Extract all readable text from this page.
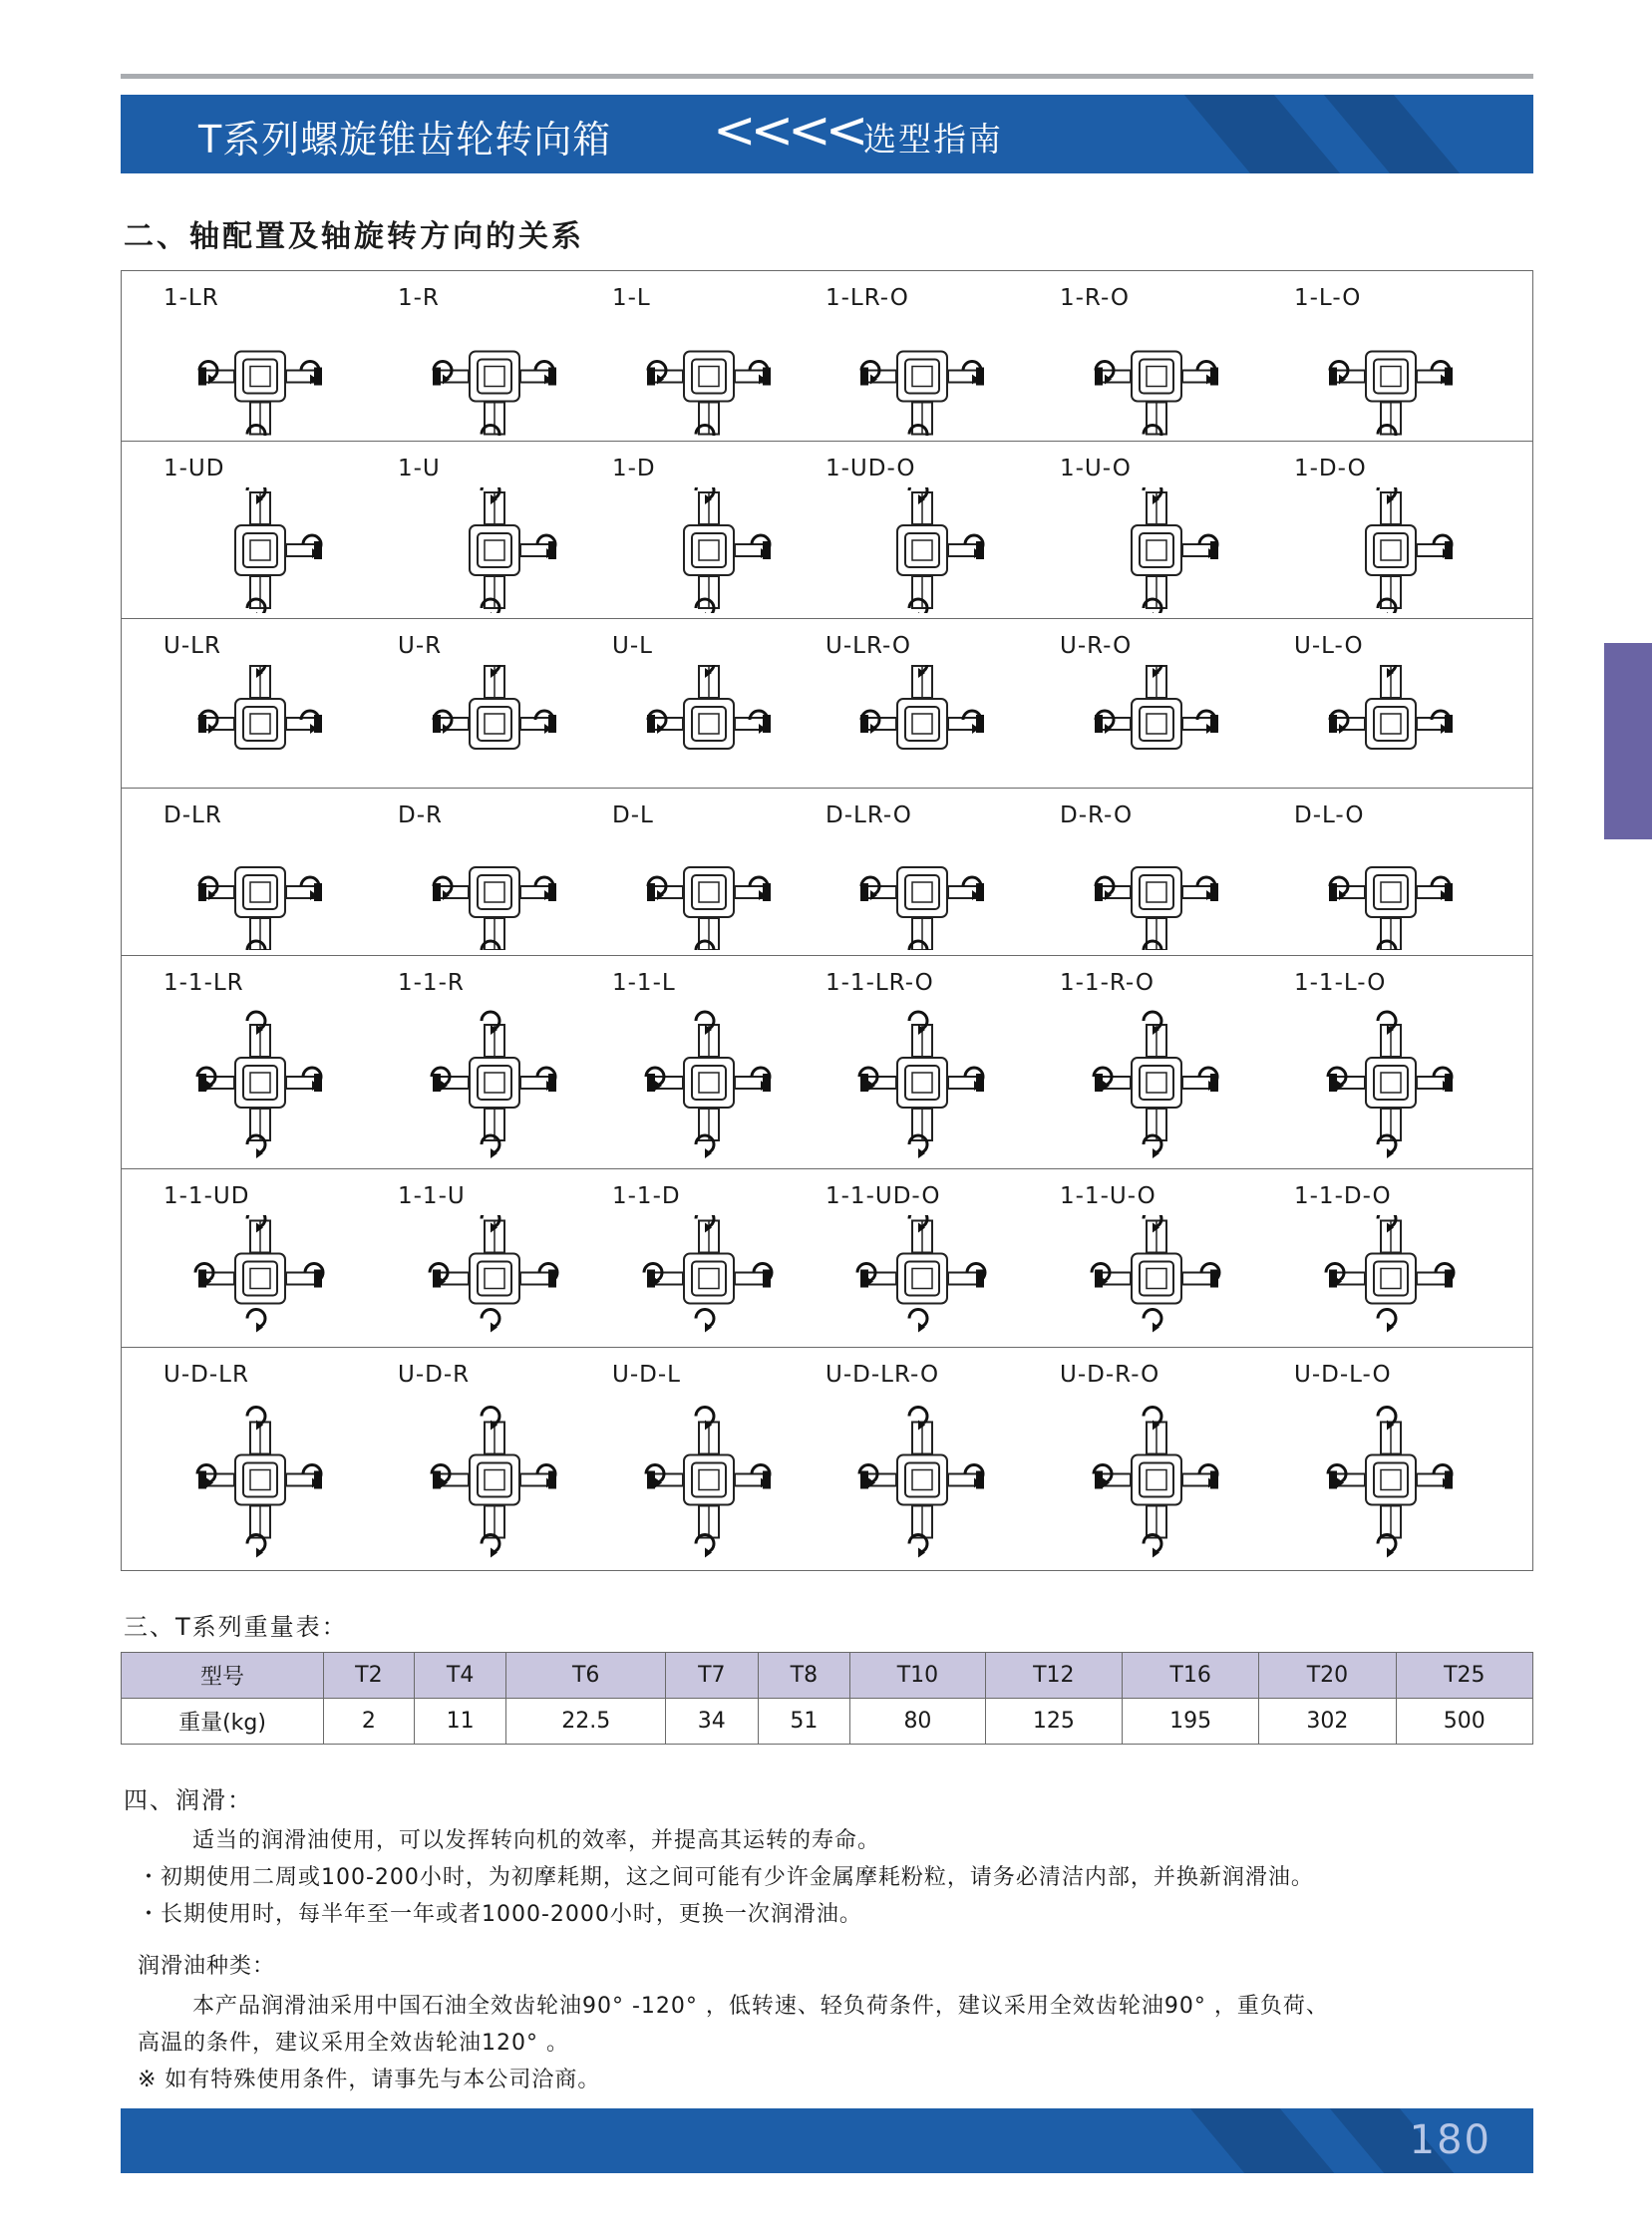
T系列螺旋锥齿轮转向箱 <<<< 选型指南
二、轴配置及轴旋转方向的关系
1-LR	1-R	1-L	1-LR-O	1-R-O	1-L-O
1-UD	1-U	1-D	1-UD-O	1-U-O	1-D-O
U-LR	U-R	U-L	U-LR-O	U-R-O	U-L-O
D-LR	D-R	D-L	D-LR-O	D-R-O	D-L-O
1-1-LR	1-1-R	1-1-L	1-1-LR-O	1-1-R-O	1-1-L-O
1-1-UD	1-1-U	1-1-D	1-1-UD-O	1-1-U-O	1-1-D-O
U-D-LR	U-D-R	U-D-L	U-D-LR-O	U-D-R-O	U-D-L-O
三、T系列重量表：
型号	T2	T4	T6	T7	T8	T10	T12	T16	T20	T25
重量(kg)	2	11	22.5	34	51	80	125	195	302	500
四、润滑：
适当的润滑油使用，可以发挥转向机的效率，并提高其运转的寿命。
・初期使用二周或100-200小时，为初摩耗期，这之间可能有少许金属摩耗粉粒，请务必清洁内部，并换新润滑油。
・长期使用时，每半年至一年或者1000-2000小时，更换一次润滑油。
润滑油种类：
本产品润滑油采用中国石油全效齿轮油90° -120° ，低转速、轻负荷条件，建议采用全效齿轮油90° ，重负荷、
高温的条件，建议采用全效齿轮油120° 。
※ 如有特殊使用条件，请事先与本公司洽商。
180
